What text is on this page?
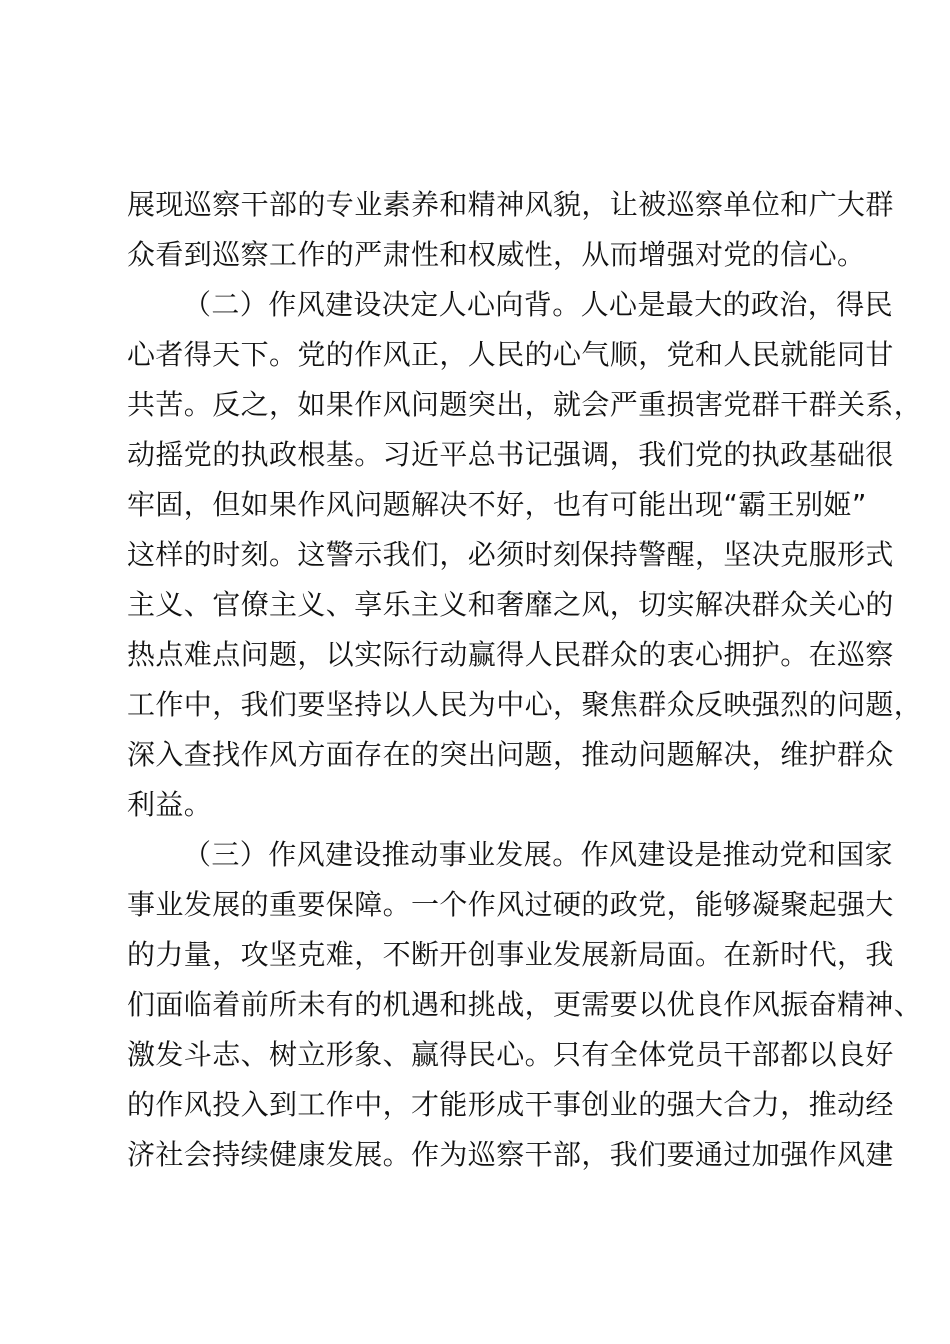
展现巡察干部的专业素养和精神风貌，让被巡察单位和广大群
众看到巡察工作的严肃性和权威性，从而增强对党的信心。
（二）作风建设决定人心向背。人心是最大的政治，得民
心者得天下。党的作风正，人民的心气顺，党和人民就能同甘
共苦。反之，如果作风问题突出，就会严重损害党群干群关系，
动摇党的执政根基。习近平总书记强调，我们党的执政基础很
牢固，但如果作风问题解决不好，也有可能出现“霸王别姬”
这样的时刻。这警示我们，必须时刻保持警醒，坚决克服形式
主义、官僚主义、享乐主义和奢靡之风，切实解决群众关心的
热点难点问题，以实际行动赢得人民群众的衷心拥护。在巡察
工作中，我们要坚持以人民为中心，聚焦群众反映强烈的问题，
深入查找作风方面存在的突出问题，推动问题解决，维护群众
利益。
（三）作风建设推动事业发展。作风建设是推动党和国家
事业发展的重要保障。一个作风过硬的政党，能够凝聚起强大
的力量，攻坚克难，不断开创事业发展新局面。在新时代，我
们面临着前所未有的机遇和挑战，更需要以优良作风振奋精神、
激发斗志、树立形象、赢得民心。只有全体党员干部都以良好
的作风投入到工作中，才能形成干事创业的强大合力，推动经
济社会持续健康发展。作为巡察干部，我们要通过加强作风建
